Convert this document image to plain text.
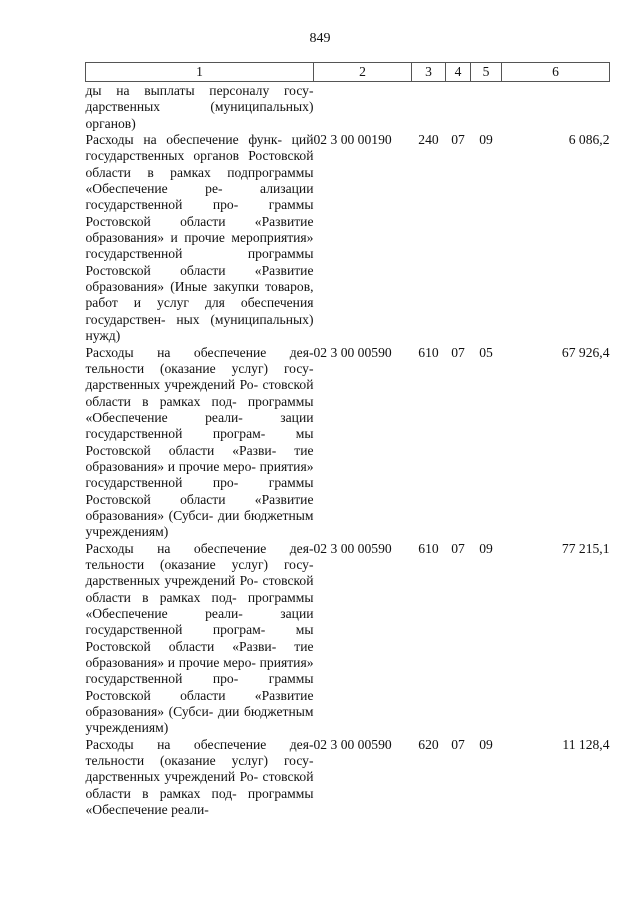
849
1	2	3	4	5	6
ды на выплаты персоналу госу- дарственных (муниципальных) органов)					
Расходы на обеспечение функ- ций государственных органов Ростовской области в рамках подпрограммы «Обеспечение ре- ализации государственной про- граммы Ростовской области «Развитие образования» и прочие мероприятия» государственной программы Ростовской области «Развитие образования» (Иные закупки товаров, работ и услуг для обеспечения государствен- ных (муниципальных) нужд)	02 3 00 00190	240	07	09	6 086,2
Расходы на обеспечение дея- тельности (оказание услуг) госу- дарственных учреждений Ро- стовской области в рамках под- программы «Обеспечение реали- зации государственной програм- мы Ростовской области «Разви- тие образования» и прочие меро- приятия» государственной про- граммы Ростовской области «Развитие образования» (Субси- дии бюджетным учреждениям)	02 3 00 00590	610	07	05	67 926,4
Расходы на обеспечение дея- тельности (оказание услуг) госу- дарственных учреждений Ро- стовской области в рамках под- программы «Обеспечение реали- зации государственной програм- мы Ростовской области «Разви- тие образования» и прочие меро- приятия» государственной про- граммы Ростовской области «Развитие образования» (Субси- дии бюджетным учреждениям)	02 3 00 00590	610	07	09	77 215,1
Расходы на обеспечение дея- тельности (оказание услуг) госу- дарственных учреждений Ро- стовской области в рамках под- программы «Обеспечение реали-	02 3 00 00590	620	07	09	11 128,4
